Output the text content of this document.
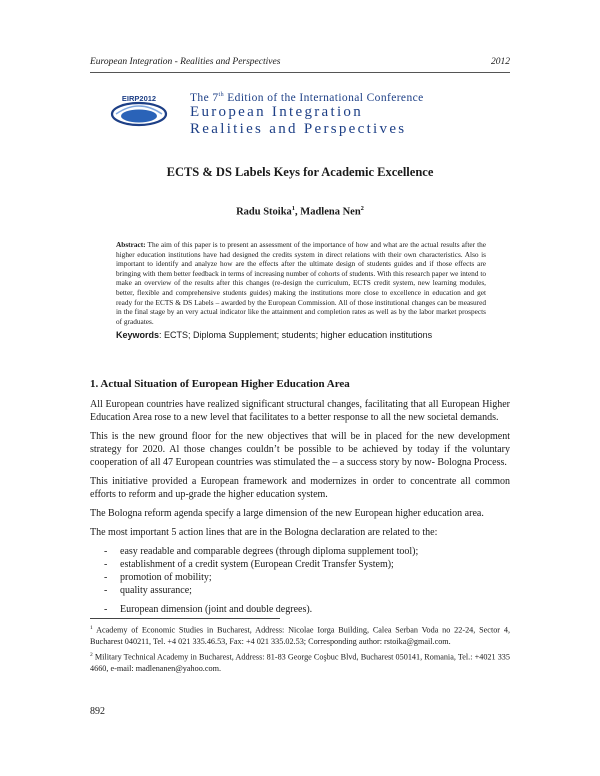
European Integration - Realities and Perspectives	2012
EIRP2012	The 7th Edition of the International Conference
European Integration
Realities and Perspectives
ECTS & DS Labels Keys for Academic Excellence
Radu Stoika$^1$, Madlena Nen$^2$
Abstract: The aim of this paper is to present an assessment of the importance of how and what are the actual results after the higher education institutions have had designed the credits system in direct relations with their own characteristics. Also is important to identify and analyze how are the effects after the ultimate design of students guides and if those effects are bringing with them better feedback in terms of increasing number of cohorts of students. With this research paper we intend to make an overview of the results after this changes (re-design the curriculum, ECTS credit system, new learning modules, better, flexible and comprehensive students guides) making the institutions more close to excellence in education and get ready for the ECTS & DS Labels – awarded by the European Commission. All of those institutional changes can be measured in the final stage by an very actual indicator like the attainment and completion rates as well as by the labor market prospects of graduates.
Keywords: ECTS; Diploma Supplement; students; higher education institutions
1. Actual Situation of European Higher Education Area

All European countries have realized significant structural changes, facilitating that all European Higher Education Area rose to a new level that facilitates to a better response to all the new societal demands.

This is the new ground floor for the new objectives that will be in placed for the new development strategy for 2020. Al those changes couldn’t be possible to be achieved by today if the voluntary cooperation of all 47 European countries was stimulated the – a success story by now- Bologna Process.

This initiative provided a European framework and modernizes in order to concentrate all common efforts to reform and up-grade the higher education system.

The Bologna reform agenda specify a large dimension of the new European higher education area.

The most important 5 action lines that are in the Bologna declaration are related to the:

- easy readable and comparable degrees (through diploma supplement tool);
- establishment of a credit system (European Credit Transfer System);
- promotion of mobility;
- quality assurance;
- European dimension (joint and double degrees).

$^1$ Academy of Economic Studies in Bucharest, Address: Nicolae Iorga Building, Calea Serban Voda no 22-24, Sector 4, Bucharest 040211, Tel. +4 021 335.46.53, Fax: +4 021 335.02.53; Corresponding author: rstoika@gmail.com.

$^2$ Military Technical Academy in Bucharest, Address: 81-83 George Coşbuc Blvd, Bucharest 050141, Romania, Tel.: +4021 335 4660, e-mail: madlenanen@yahoo.com.

892
